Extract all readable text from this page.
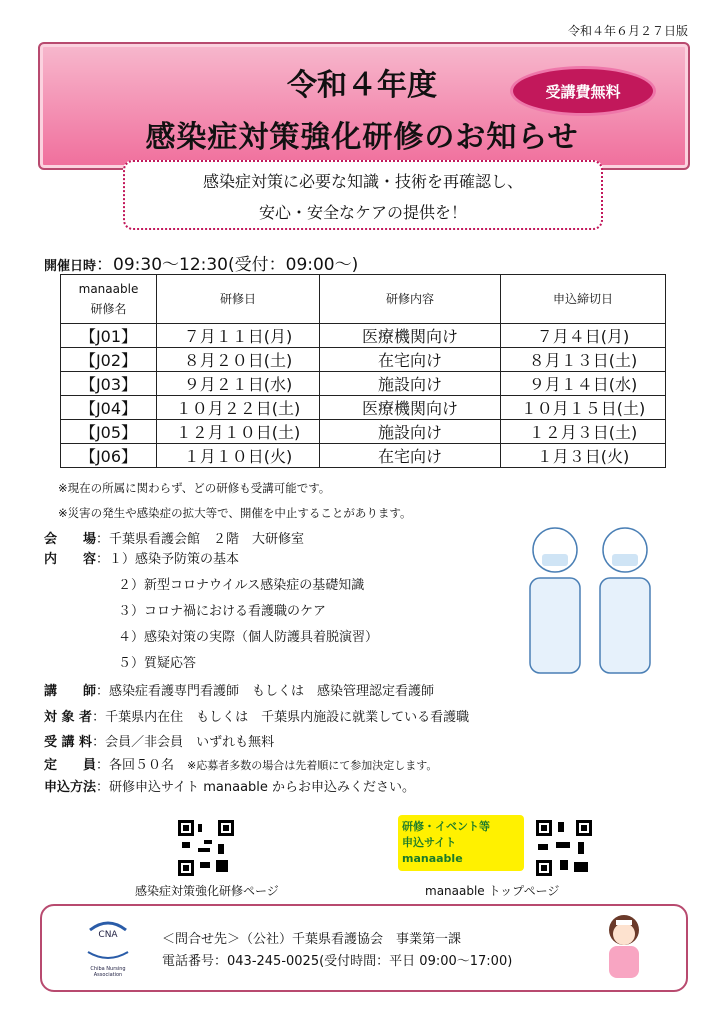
令和４年６月２７日版
令和４年度
感染症対策強化研修のお知らせ
受講費無料
感染症対策に必要な知識・技術を再確認し、
安心・安全なケアの提供を！
開催日時：09:30～12:30(受付：09:00～)
manaable
研修名	研修日	研修内容	申込締切日
【J01】	７月１１日(月)	医療機関向け	７月４日(月)
【J02】	８月２０日(土)	在宅向け	８月１３日(土)
【J03】	９月２１日(水)	施設向け	９月１４日(水)
【J04】	１０月２２日(土)	医療機関向け	１０月１５日(土)
【J05】	１２月１０日(土)	施設向け	１２月３日(土)
【J06】	１月１０日(火)	在宅向け	１月３日(火)
※現在の所属に関わらず、どの研修も受講可能です。
※災害の発生や感染症の拡大等で、開催を中止することがあります。
会　　場：千葉県看護会館　２階　大研修室
内　　容：１）感染予防策の基本
２）新型コロナウイルス感染症の基礎知識
３）コロナ禍における看護職のケア
４）感染対策の実際（個人防護具着脱演習）
５）質疑応答
講　　師：感染症看護専門看護師　もしくは　感染管理認定看護師
対 象 者：千葉県内在住　もしくは　千葉県内施設に就業している看護職
受 講 料：会員／非会員　いずれも無料
定　　員：各回５０名　 ※応募者多数の場合は先着順にて参加決定します。
申込方法：研修申込サイト manaable からお申込みください。
感染症対策強化研修ページ
研修・イベント等
申込サイト
manaable
manaable トップページ
CNA
Chiba Nursing Association
＜問合せ先＞（公社）千葉県看護協会　事業第一課
電話番号：043-245-0025(受付時間：平日 09:00～17:00)
